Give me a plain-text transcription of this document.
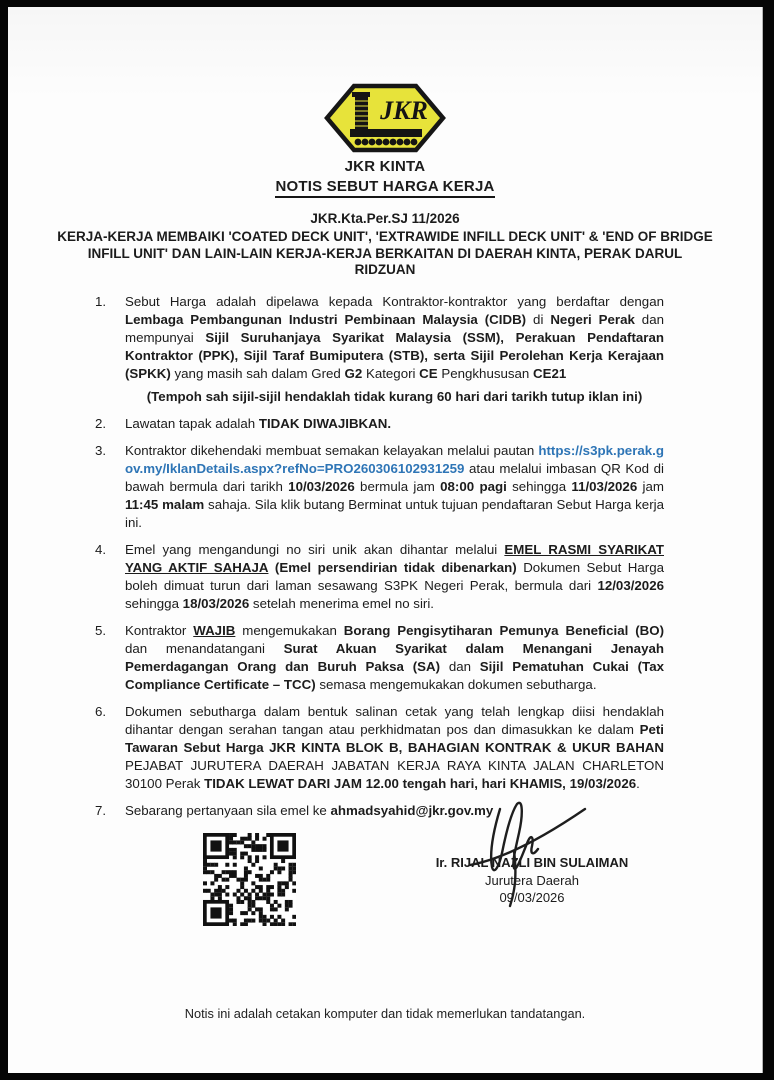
JKR
JKR KINTA
NOTIS SEBUT HARGA KERJA
JKR.Kta.Per.SJ 11/2026
KERJA-KERJA MEMBAIKI 'COATED DECK UNIT', 'EXTRAWIDE INFILL DECK UNIT' & 'END OF BRIDGE INFILL UNIT' DAN LAIN-LAIN KERJA-KERJA BERKAITAN DI DAERAH KINTA, PERAK DARUL RIDZUAN
1.	Sebut Harga adalah dipelawa kepada Kontraktor-kontraktor yang berdaftar dengan Lembaga Pembangunan Industri Pembinaan Malaysia (CIDB) di Negeri Perak dan mempunyai Sijil Suruhanjaya Syarikat Malaysia (SSM), Perakuan Pendaftaran Kontraktor (PPK), Sijil Taraf Bumiputera (STB), serta Sijil Perolehan Kerja Kerajaan (SPKK) yang masih sah dalam Gred G2 Kategori CE Pengkhususan CE21
(Tempoh sah sijil-sijil hendaklah tidak kurang 60 hari dari tarikh tutup iklan ini)
2.	Lawatan tapak adalah TIDAK DIWAJIBKAN.
3.	Kontraktor dikehendaki membuat semakan kelayakan melalui pautan https://s3pk.perak.gov.my/IklanDetails.aspx?refNo=PRO260306102931259 atau melalui imbasan QR Kod di bawah bermula dari tarikh 10/03/2026 bermula jam 08:00 pagi sehingga 11/03/2026 jam 11:45 malam sahaja. Sila klik butang Berminat untuk tujuan pendaftaran Sebut Harga kerja ini.
4.	Emel yang mengandungi no siri unik akan dihantar melalui EMEL RASMI SYARIKAT YANG AKTIF SAHAJA (Emel persendirian tidak dibenarkan) Dokumen Sebut Harga boleh dimuat turun dari laman sesawang S3PK Negeri Perak, bermula dari 12/03/2026 sehingga 18/03/2026 setelah menerima emel no siri.
5.	Kontraktor WAJIB mengemukakan Borang Pengisytiharan Pemunya Beneficial (BO) dan menandatangani Surat Akuan Syarikat dalam Menangani Jenayah Pemerdagangan Orang dan Buruh Paksa (SA) dan Sijil Pematuhan Cukai (Tax Compliance Certificate – TCC) semasa mengemukakan dokumen sebutharga.
6.	Dokumen sebutharga dalam bentuk salinan cetak yang telah lengkap diisi hendaklah dihantar dengan serahan tangan atau perkhidmatan pos dan dimasukkan ke dalam Peti Tawaran Sebut Harga JKR KINTA BLOK B, BAHAGIAN KONTRAK & UKUR BAHAN PEJABAT JURUTERA DAERAH JABATAN KERJA RAYA KINTA JALAN CHARLETON 30100 Perak TIDAK LEWAT DARI JAM 12.00 tengah hari, hari KHAMIS, 19/03/2026.
7.	Sebarang pertanyaan sila emel ke ahmadsyahid@jkr.gov.my .
Ir. RIJAL NAZLI BIN SULAIMAN
Jurutera Daerah
09/03/2026
Notis ini adalah cetakan komputer dan tidak memerlukan tandatangan.
